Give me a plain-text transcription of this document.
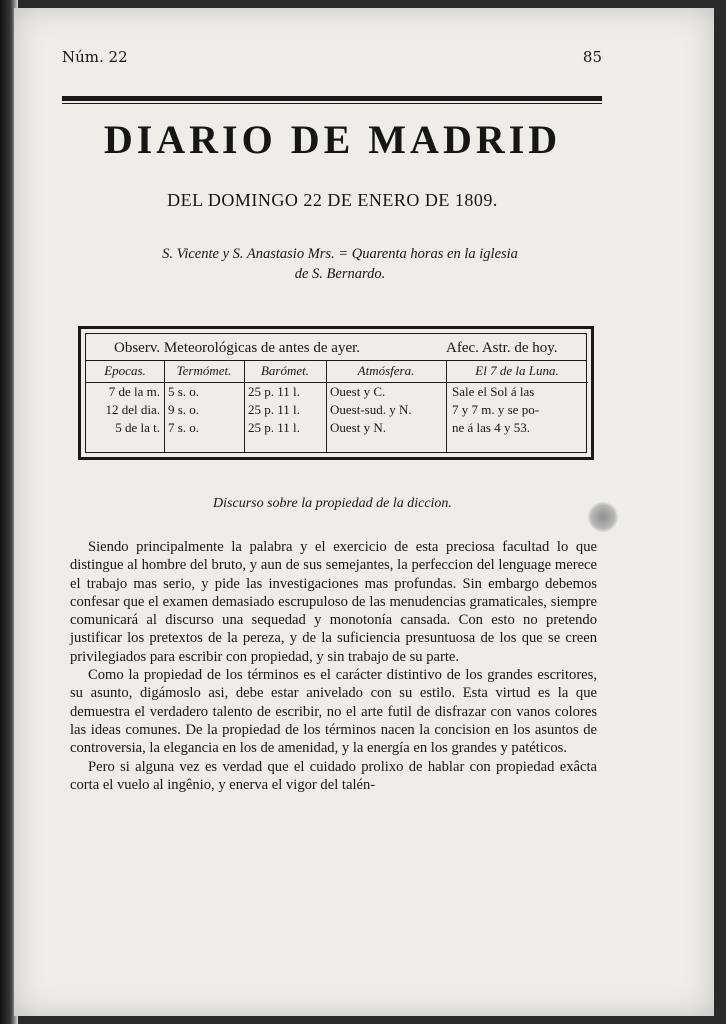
Núm. 22	85
DIARIO DE MADRID
DEL DOMINGO 22 DE ENERO DE 1809.
S. Vicente y S. Anastasio Mrs. = Quarenta horas en la iglesia
de S. Bernardo.
Observ. Meteorológicas de antes de ayer.	Afec. Astr. de hoy.
Epocas.
7 de la m.
12 del dia.
5 de la t.
Termómet.
5 s. o.
9 s. o.
7 s. o.
Barómet.
25 p. 11 l.
25 p. 11 l.
25 p. 11 l.
Atmósfera.
Ouest y C.
Ouest-sud. y N.
Ouest y N.
El 7 de la Luna.
Sale el Sol á las
7 y 7 m. y se po-
ne á las 4 y 53.
Discurso sobre la propiedad de la diccion.

Siendo principalmente la palabra y el exercicio de esta preciosa facultad lo que distingue al hombre del bruto, y aun de sus semejantes, la perfeccion del lenguage merece el trabajo mas serio, y pide las investigaciones mas profundas. Sin embargo debemos confesar que el examen demasiado escrupuloso de las menudencias gramaticales, siempre comunicará al discurso una sequedad y monotonía cansada. Con esto no pretendo justificar los pretextos de la pereza, y de la suficiencia presuntuosa de los que se creen privilegiados para escribir con propiedad, y sin trabajo de su parte.

Como la propiedad de los términos es el carácter distintivo de los grandes escritores, su asunto, digámoslo asi, debe estar anivelado con su estilo. Esta virtud es la que demuestra el verdadero talento de escribir, no el arte futil de disfrazar con vanos colores las ideas comunes. De la propiedad de los términos nacen la concision en los asuntos de controversia, la elegancia en los de amenidad, y la energía en los grandes y patéticos.

Pero si alguna vez es verdad que el cuidado prolixo de hablar con propiedad exâcta corta el vuelo al ingênio, y enerva el vigor del talén-
